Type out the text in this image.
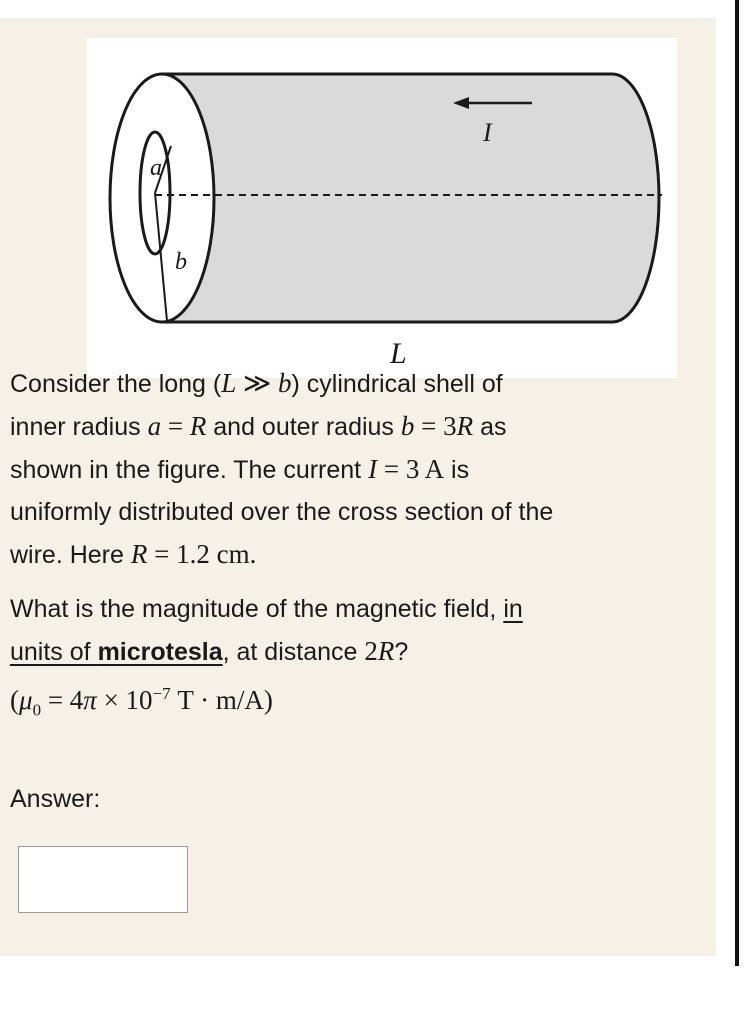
a
b
I
L

Consider the long (L ≫ b) cylindrical shell of
inner radius a = R and outer radius b = 3R as
shown in the figure. The current I = 3 A is
uniformly distributed over the cross section of the
wire. Here R = 1.2 cm.

What is the magnitude of the magnetic field, in
units of microtesla, at distance 2R?
($\mu_0 = 4\pi \times 10^{-7}$ T · m/A)

Answer:
